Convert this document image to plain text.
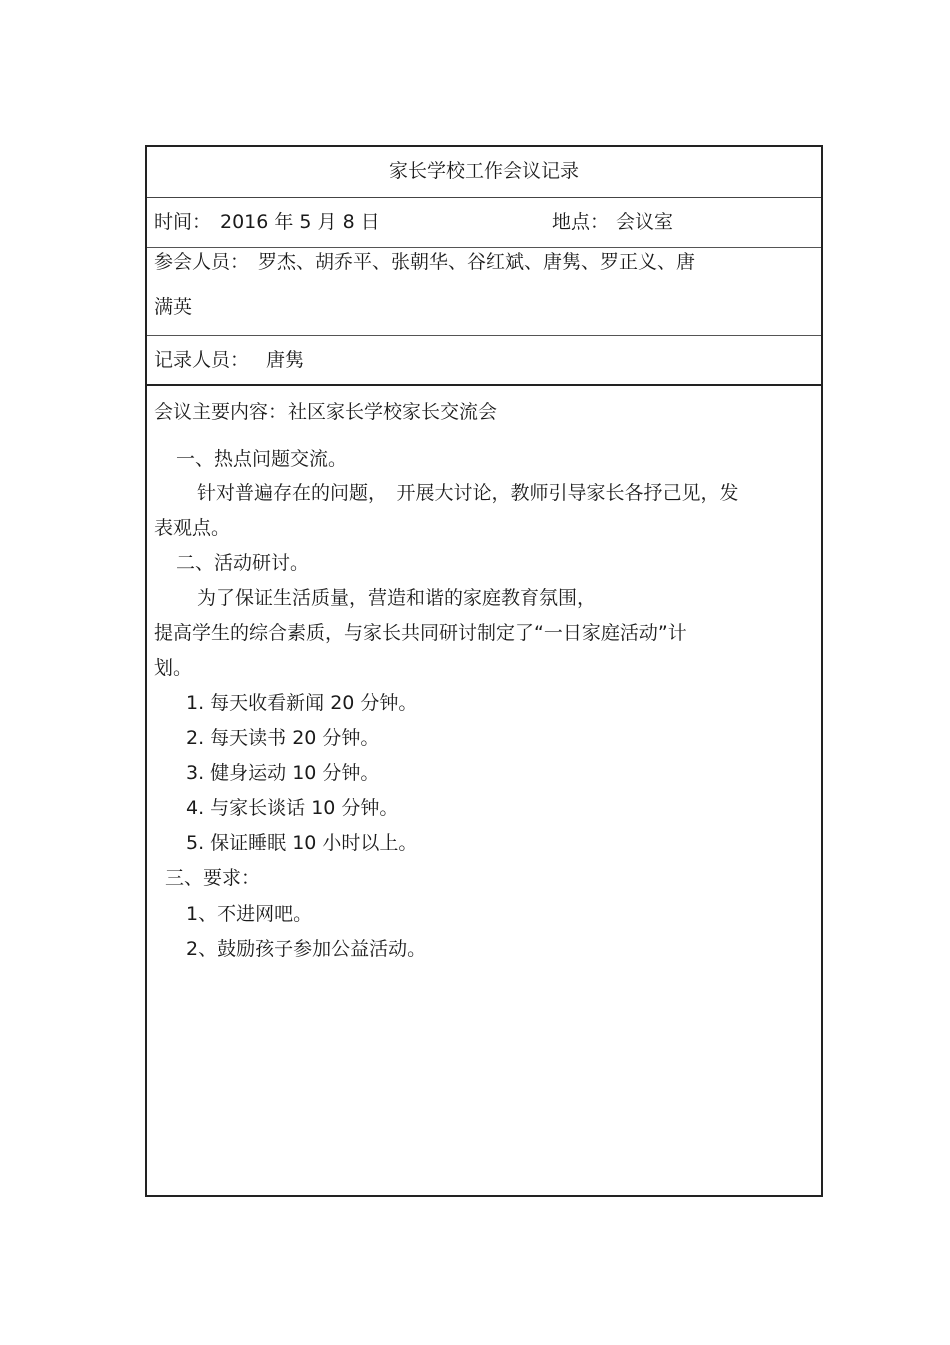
家长学校工作会议记录
时间： 2016 年 5 月 8 日	地点： 会议室
参会人员： 罗杰、胡乔平、张朝华、谷红斌、唐隽、罗正义、唐
满英
记录人员： 唐隽
会议主要内容： 社区家长学校家长交流会
一、热点问题交流。
针对普遍存在的问题，　开展大讨论，教师引导家长各抒己见，发
表观点。
二、活动研讨。
为了保证生活质量，营造和谐的家庭教育氛围，
提高学生的综合素质，与家长共同研讨制定了“一日家庭活动”计
划。
1. 每天收看新闻 20 分钟。
2. 每天读书 20 分钟。
3. 健身运动 10 分钟。
4. 与家长谈话 10 分钟。
5. 保证睡眠 10 小时以上。
三、要求：
1、不进网吧。
2、鼓励孩子参加公益活动。
